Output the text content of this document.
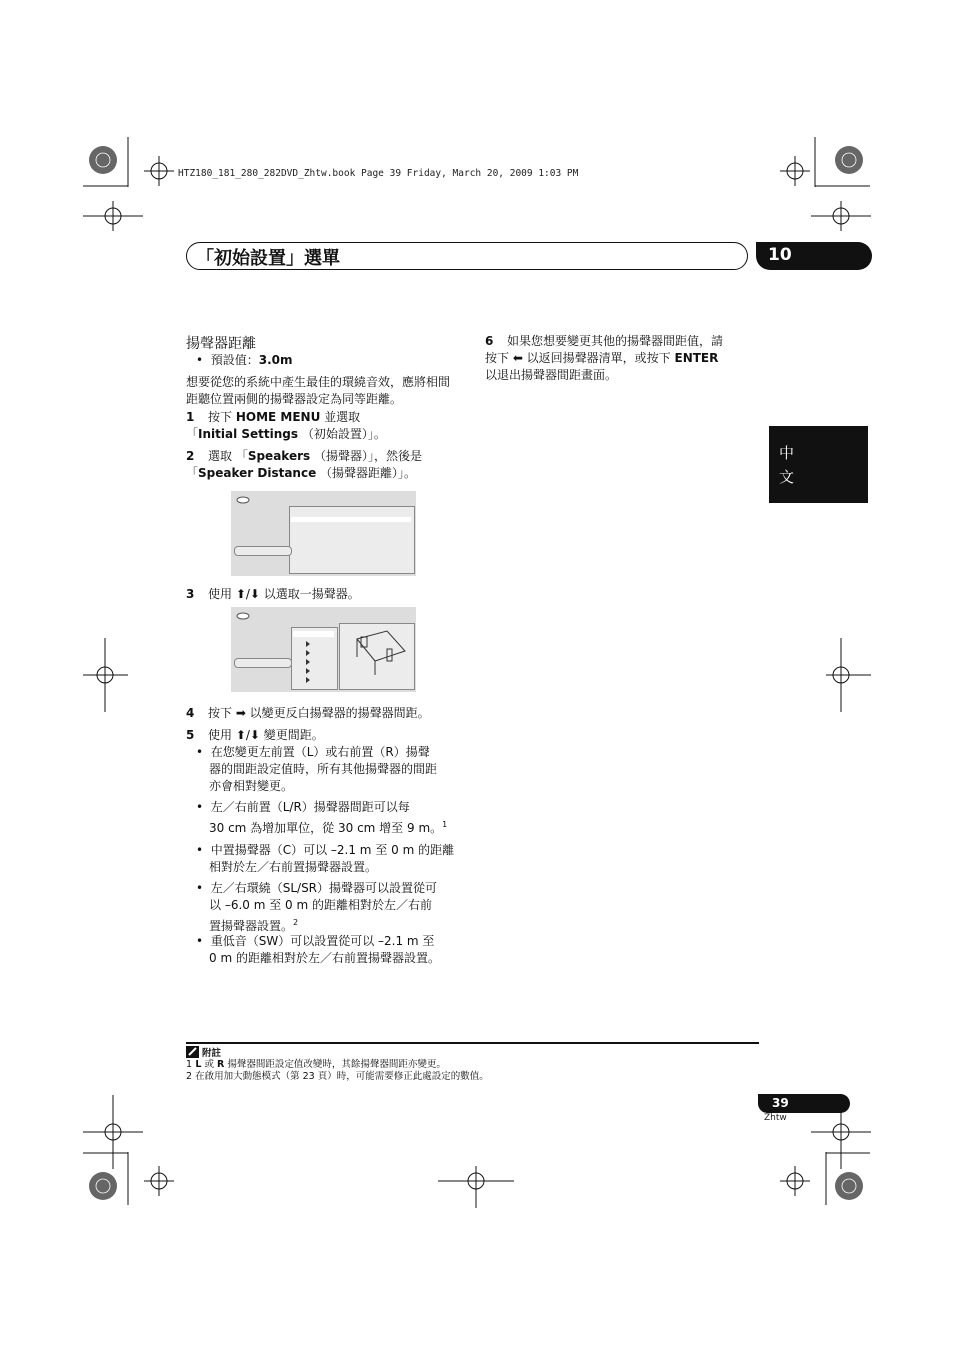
HTZ180_181_280_282DVD_Zhtw.book Page 39 Friday, March 20, 2009 1:03 PM
「初始設置」選單	10
中
文
揚聲器距離
•  預設值：3.0m
想要從您的系統中產生最佳的環繞音效，應將相間距聽位置兩側的揚聲器設定為同等距離。
1 按下 HOME MENU 並選取
「Initial Settings （初始設置）」。
2 選取 「Speakers （揚聲器）」，然後是
「Speaker Distance （揚聲器距離）」。
3 使用 ⬆/⬇ 以選取一揚聲器。
4 按下 ➡ 以變更反白揚聲器的揚聲器間距。
5 使用 ⬆/⬇ 變更間距。
•  在您變更左前置（L）或右前置（R）揚聲
器的間距設定值時，所有其他揚聲器的間距
亦會相對變更。
•  左／右前置（L/R）揚聲器間距可以每
30 cm 為增加單位，從 30 cm 增至 9 m。$^1$
•  中置揚聲器（C）可以 –2.1 m 至 0 m 的距離
相對於左／右前置揚聲器設置。
•  左／右環繞（SL/SR）揚聲器可以設置從可
以 –6.0 m 至 0 m 的距離相對於左／右前
置揚聲器設置。$^2$
•  重低音（SW）可以設置從可以 –2.1 m 至
0 m 的距離相對於左／右前置揚聲器設置。
6 如果您想要變更其他的揚聲器間距值，請
按下 ⬅ 以返回揚聲器清單，或按下 ENTER
以退出揚聲器間距畫面。
附註
1 L 或 R 揚聲器間距設定值改變時，其餘揚聲器間距亦變更。
2 在啟用加大動態模式（第 23 頁）時，可能需要修正此處設定的數值。
39
Zhtw
